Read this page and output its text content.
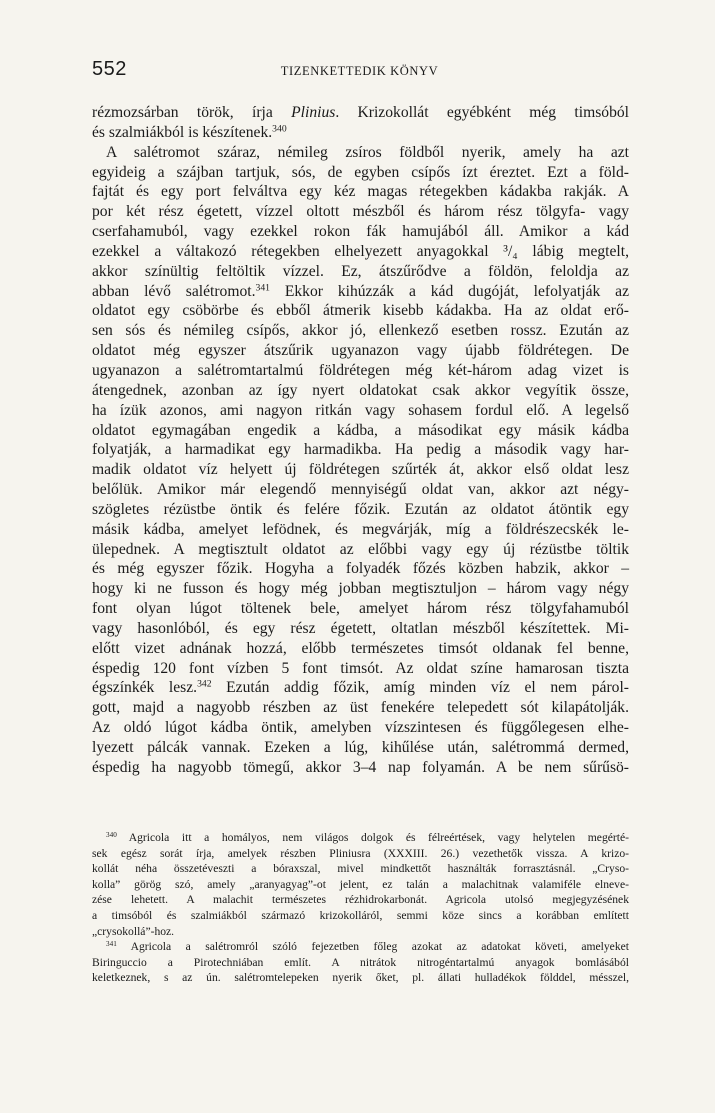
552	TIZENKETTEDIK KÖNYV
rézmozsárban török, írja Plinius. Krizokollát egyébként még timsóból
és szalmiákból is készítenek.$^{340}$
A salétromot száraz, némileg zsíros földből nyerik, amely ha azt
egyideig a szájban tartjuk, sós, de egyben csípős ízt éreztet. Ezt a föld-
fajtát és egy port felváltva egy kéz magas rétegekben kádakba rakják. A
por két rész égetett, vízzel oltott mészből és három rész tölgyfa- vagy
cserfahamuból, vagy ezekkel rokon fák hamujából áll. Amikor a kád
ezekkel a váltakozó rétegekben elhelyezett anyagokkal ³/₄ lábig megtelt,
akkor színültig feltöltik vízzel. Ez, átszűrődve a földön, feloldja az
abban lévő salétromot.$^{341}$ Ekkor kihúzzák a kád dugóját, lefolyatják az
oldatot egy csöbörbe és ebből átmerik kisebb kádakba. Ha az oldat erő-
sen sós és némileg csípős, akkor jó, ellenkező esetben rossz. Ezután az
oldatot még egyszer átszűrik ugyanazon vagy újabb földrétegen. De
ugyanazon a salétromtartalmú földrétegen még két-három adag vizet is
átengednek, azonban az így nyert oldatokat csak akkor vegyítik össze,
ha ízük azonos, ami nagyon ritkán vagy sohasem fordul elő. A legelső
oldatot egymagában engedik a kádba, a másodikat egy másik kádba
folyatják, a harmadikat egy harmadikba. Ha pedig a második vagy har-
madik oldatot víz helyett új földrétegen szűrték át, akkor első oldat lesz
belőlük. Amikor már elegendő mennyiségű oldat van, akkor azt négy-
szögletes rézüstbe öntik és felére főzik. Ezután az oldatot átöntik egy
másik kádba, amelyet lefödnek, és megvárják, míg a földrészecskék le-
ülepednek. A megtisztult oldatot az előbbi vagy egy új rézüstbe töltik
és még egyszer főzik. Hogyha a folyadék főzés közben habzik, akkor –
hogy ki ne fusson és hogy még jobban megtisztuljon – három vagy négy
font olyan lúgot töltenek bele, amelyet három rész tölgyfahamuból
vagy hasonlóból, és egy rész égetett, oltatlan mészből készítettek. Mi-
előtt vizet adnának hozzá, előbb természetes timsót oldanak fel benne,
éspedig 120 font vízben 5 font timsót. Az oldat színe hamarosan tiszta
égszínkék lesz.$^{342}$ Ezután addig főzik, amíg minden víz el nem párol-
gott, majd a nagyobb részben az üst fenekére telepedett sót kilapátolják.
Az oldó lúgot kádba öntik, amelyben vízszintesen és függőlegesen elhe-
lyezett pálcák vannak. Ezeken a lúg, kihűlése után, salétrommá dermed,
éspedig ha nagyobb tömegű, akkor 3–4 nap folyamán. A be nem sűrűsö-
$^{340}$ Agricola itt a homályos, nem világos dolgok és félreértések, vagy helytelen megérté-
sek egész sorát írja, amelyek részben Pliniusra (XXXIII. 26.) vezethetők vissza. A krizo-
kollát néha összetéveszti a bóraxszal, mivel mindkettőt használták forrasztásnál. „Cryso-
kolla” görög szó, amely „aranyagyag”-ot jelent, ez talán a malachitnak valamiféle elneve-
zése lehetett. A malachit természetes rézhidrokarbonát. Agricola utolsó megjegyzésének
a timsóból és szalmiákból származó krizokolláról, semmi köze sincs a korábban említett
„crysokollá”-hoz.
$^{341}$ Agricola a salétromról szóló fejezetben főleg azokat az adatokat követi, amelyeket
Biringuccio a Pirotechniában említ. A nitrátok nitrogéntartalmú anyagok bomlásából
keletkeznek, s az ún. salétromtelepeken nyerik őket, pl. állati hulladékok földdel, mésszel,
